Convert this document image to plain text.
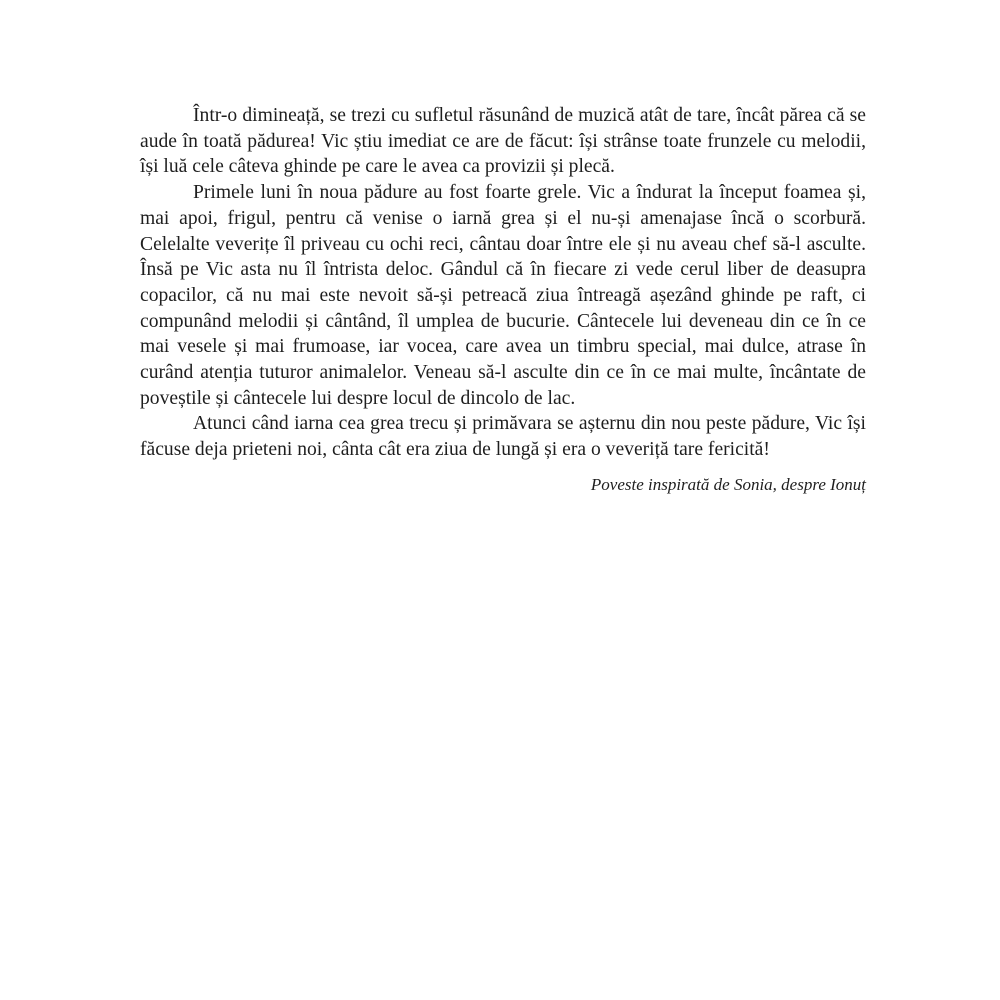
Într-o dimineață, se trezi cu sufletul răsunând de muzică atât de tare, încât părea că se aude în toată pădurea! Vic știu imediat ce are de făcut: își strânse toate frunzele cu melodii, își luă cele câteva ghinde pe care le avea ca provizii și plecă.

Primele luni în noua pădure au fost foarte grele. Vic a îndurat la început foamea și, mai apoi, frigul, pentru că venise o iarnă grea și el nu-și amenajase încă o scorbură. Celelalte veverițe îl priveau cu ochi reci, cântau doar între ele și nu aveau chef să-l asculte. Însă pe Vic asta nu îl întrista deloc. Gândul că în fiecare zi vede cerul liber de deasupra copacilor, că nu mai este nevoit să-și petreacă ziua întreagă așezând ghinde pe raft, ci compunând melodii și cântând, îl umplea de bucurie. Cântecele lui deveneau din ce în ce mai vesele și mai frumoase, iar vocea, care avea un timbru special, mai dulce, atrase în curând atenția tuturor animalelor. Veneau să-l asculte din ce în ce mai multe, încântate de poveștile și cântecele lui despre locul de dincolo de lac.

Atunci când iarna cea grea trecu și primăvara se așternu din nou peste pădure, Vic își făcuse deja prieteni noi, cânta cât era ziua de lungă și era o veveriță tare fericită!

Poveste inspirată de Sonia, despre Ionuț
